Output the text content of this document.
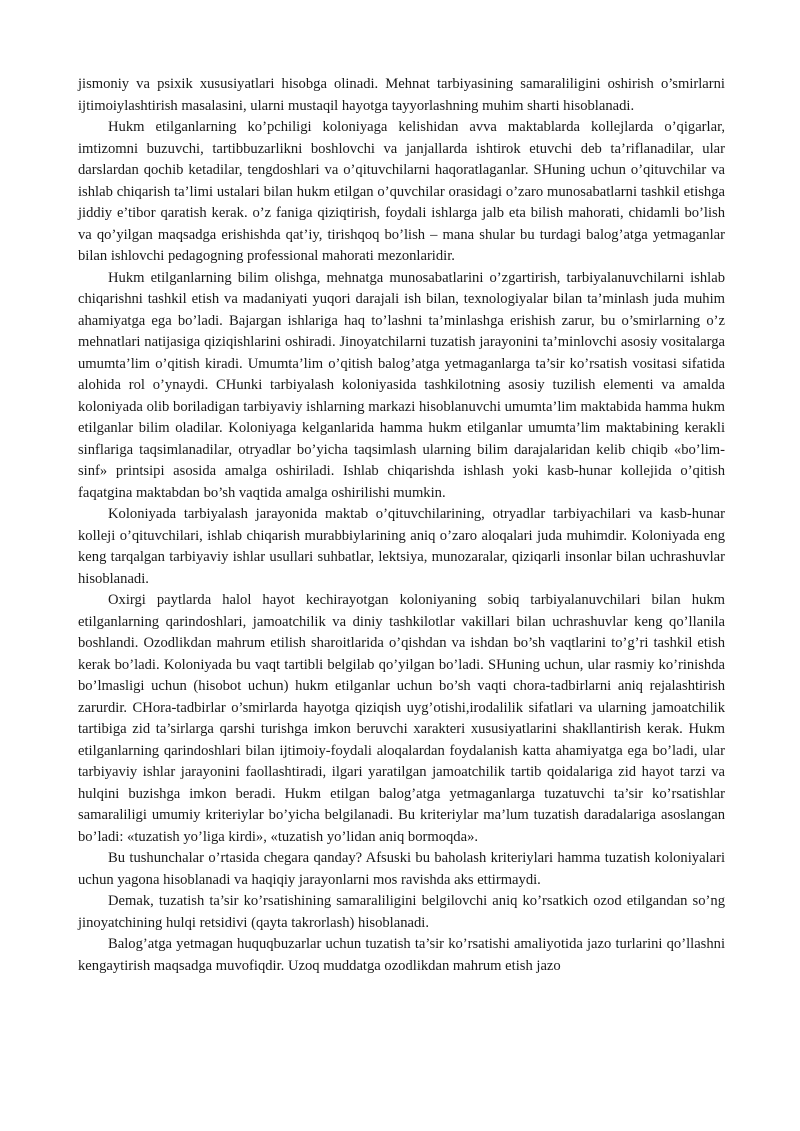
jismoniy va psixik xususiyatlari hisobga olinadi. Mehnat tarbiyasining samaraliligini oshirish o’smirlarni ijtimoiylashtirish masalasini, ularni mustaqil hayotga tayyorlashning muhim sharti hisoblanadi.

Hukm etilganlarning ko’pchiligi koloniyaga kelishidan avva maktablarda kollejlarda o’qigarlar, imtizomni buzuvchi, tartibbuzarlikni boshlovchi va janjallarda ishtirok etuvchi deb ta’riflanadilar, ular darslardan qochib ketadilar, tengdoshlari va o’qituvchilarni haqoratlaganlar. SHuning uchun o’qituvchilar va ishlab chiqarish ta’limi ustalari bilan hukm etilgan o’quvchilar orasidagi o’zaro munosabatlarni tashkil etishga jiddiy e’tibor qaratish kerak. o’z faniga qiziqtirish, foydali ishlarga jalb eta bilish mahorati, chidamli bo’lish va qo’yilgan maqsadga erishishda qat’iy, tirishqoq bo’lish – mana shular bu turdagi balog’atga yetmaganlar bilan ishlovchi pedagogning professional mahorati mezonlaridir.

Hukm etilganlarning bilim olishga, mehnatga munosabatlarini o’zgartirish, tarbiyalanuvchilarni ishlab chiqarishni tashkil etish va madaniyati yuqori darajali ish bilan, texnologiyalar bilan ta’minlash juda muhim ahamiyatga ega bo’ladi. Bajargan ishlariga haq to’lashni ta’minlashga erishish zarur, bu o’smirlarning o’z mehnatlari natijasiga qiziqishlarini oshiradi. Jinoyatchilarni tuzatish jarayonini ta’minlovchi asosiy vositalarga umumta’lim o’qitish kiradi. Umumta’lim o’qitish balog’atga yetmaganlarga ta’sir ko’rsatish vositasi sifatida alohida rol o’ynaydi. CHunki tarbiyalash koloniyasida tashkilotning asosiy tuzilish elementi va amalda koloniyada olib boriladigan tarbiyaviy ishlarning markazi hisoblanuvchi umumta’lim maktabida hamma hukm etilganlar bilim oladilar. Koloniyaga kelganlarida hamma hukm etilganlar umumta’lim maktabining kerakli sinflariga taqsimlanadilar, otryadlar bo’yicha taqsimlash ularning bilim darajalaridan kelib chiqib «bo’lim-sinf» printsipi asosida amalga oshiriladi. Ishlab chiqarishda ishlash yoki kasb-hunar kollejida o’qitish faqatgina maktabdan bo’sh vaqtida amalga oshirilishi mumkin.

Koloniyada tarbiyalash jarayonida maktab o’qituvchilarining, otryadlar tarbiyachilari va kasb-hunar kolleji o’qituvchilari, ishlab chiqarish murabbiylarining aniq o’zaro aloqalari juda muhimdir. Koloniyada eng keng tarqalgan tarbiyaviy ishlar usullari suhbatlar, lektsiya, munozaralar, qiziqarli insonlar bilan uchrashuvlar hisoblanadi.

Oxirgi paytlarda halol hayot kechirayotgan koloniyaning sobiq tarbiyalanuvchilari bilan hukm etilganlarning qarindoshlari, jamoatchilik va diniy tashkilotlar vakillari bilan uchrashuvlar keng qo’llanila boshlandi. Ozodlikdan mahrum etilish sharoitlarida o’qishdan va ishdan bo’sh vaqtlarini to’g’ri tashkil etish kerak bo’ladi. Koloniyada bu vaqt tartibli belgilab qo’yilgan bo’ladi. SHuning uchun, ular rasmiy ko’rinishda bo’lmasligi uchun (hisobot uchun) hukm etilganlar uchun bo’sh vaqti chora-tadbirlarni aniq rejalashtirish zarurdir. CHora-tadbirlar o’smirlarda hayotga qiziqish uyg’otishi,irodalilik sifatlari va ularning jamoatchilik tartibiga zid ta’sirlarga qarshi turishga imkon beruvchi xarakteri xususiyatlarini shakllantirish kerak. Hukm etilganlarning qarindoshlari bilan ijtimoiy-foydali aloqalardan foydalanish katta ahamiyatga ega bo’ladi, ular tarbiyaviy ishlar jarayonini faollashtiradi, ilgari yaratilgan jamoatchilik tartib qoidalariga zid hayot tarzi va hulqini buzishga imkon beradi. Hukm etilgan balog’atga yetmaganlarga tuzatuvchi ta’sir ko’rsatishlar samaraliligi umumiy kriteriylar bo’yicha belgilanadi. Bu kriteriylar ma’lum tuzatish daradalariga asoslangan bo’ladi: «tuzatish yo’liga kirdi», «tuzatish yo’lidan aniq bormoqda».

Bu tushunchalar o’rtasida chegara qanday? Afsuski bu baholash kriteriylari hamma tuzatish koloniyalari uchun yagona hisoblanadi va haqiqiy jarayonlarni mos ravishda aks ettirmaydi.

Demak, tuzatish ta’sir ko’rsatishining samaraliligini belgilovchi aniq ko’rsatkich ozod etilgandan so’ng jinoyatchining hulqi retsidivi (qayta takrorlash) hisoblanadi.

Balog’atga yetmagan huquqbuzarlar uchun tuzatish ta’sir ko’rsatishi amaliyotida jazo turlarini qo’llashni kengaytirish maqsadga muvofiqdir. Uzoq muddatga ozodlikdan mahrum etish jazo
